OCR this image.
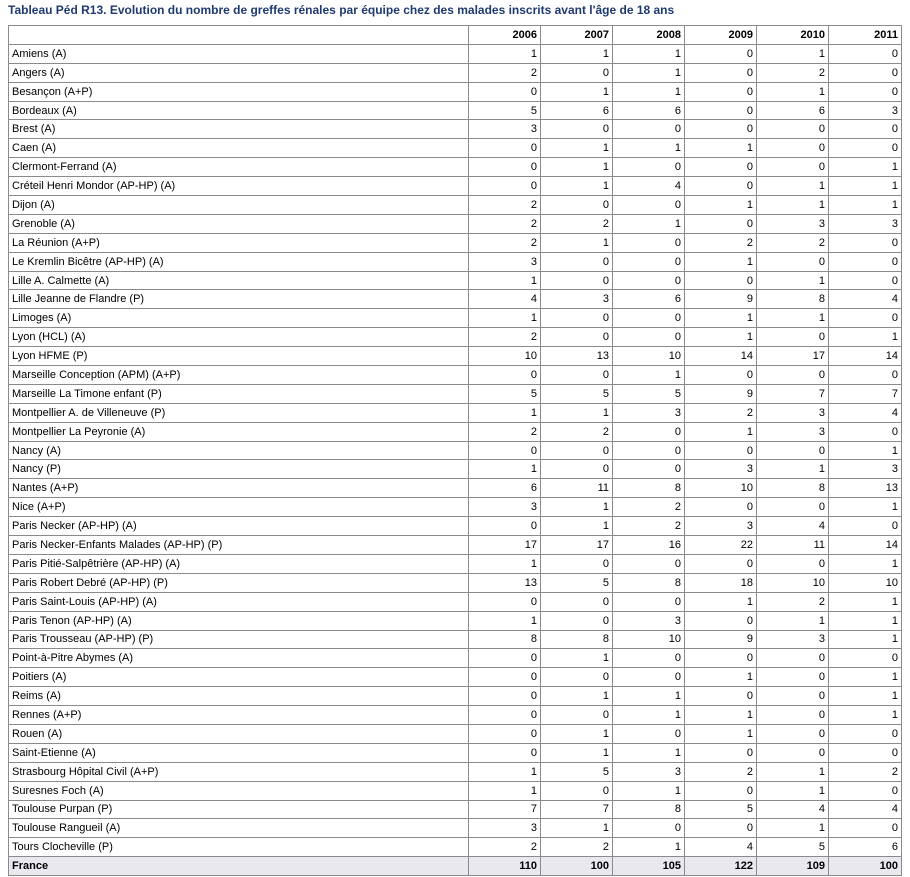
Tableau Péd R13. Evolution du nombre de greffes rénales par équipe chez des malades inscrits avant l'âge de 18 ans
	2006	2007	2008	2009	2010	2011
Amiens (A)	1	1	1	0	1	0
Angers (A)	2	0	1	0	2	0
Besançon (A+P)	0	1	1	0	1	0
Bordeaux (A)	5	6	6	0	6	3
Brest (A)	3	0	0	0	0	0
Caen (A)	0	1	1	1	0	0
Clermont-Ferrand (A)	0	1	0	0	0	1
Créteil Henri Mondor (AP-HP) (A)	0	1	4	0	1	1
Dijon (A)	2	0	0	1	1	1
Grenoble (A)	2	2	1	0	3	3
La Réunion (A+P)	2	1	0	2	2	0
Le Kremlin Bicêtre (AP-HP) (A)	3	0	0	1	0	0
Lille A. Calmette (A)	1	0	0	0	1	0
Lille Jeanne de Flandre (P)	4	3	6	9	8	4
Limoges (A)	1	0	0	1	1	0
Lyon (HCL) (A)	2	0	0	1	0	1
Lyon HFME (P)	10	13	10	14	17	14
Marseille Conception (APM) (A+P)	0	0	1	0	0	0
Marseille La Timone enfant (P)	5	5	5	9	7	7
Montpellier A. de Villeneuve (P)	1	1	3	2	3	4
Montpellier La Peyronie (A)	2	2	0	1	3	0
Nancy (A)	0	0	0	0	0	1
Nancy (P)	1	0	0	3	1	3
Nantes (A+P)	6	11	8	10	8	13
Nice (A+P)	3	1	2	0	0	1
Paris Necker (AP-HP) (A)	0	1	2	3	4	0
Paris Necker-Enfants Malades (AP-HP) (P)	17	17	16	22	11	14
Paris Pitié-Salpêtrière (AP-HP) (A)	1	0	0	0	0	1
Paris Robert Debré (AP-HP) (P)	13	5	8	18	10	10
Paris Saint-Louis (AP-HP) (A)	0	0	0	1	2	1
Paris Tenon (AP-HP) (A)	1	0	3	0	1	1
Paris Trousseau (AP-HP) (P)	8	8	10	9	3	1
Point-à-Pitre Abymes (A)	0	1	0	0	0	0
Poitiers (A)	0	0	0	1	0	1
Reims (A)	0	1	1	0	0	1
Rennes (A+P)	0	0	1	1	0	1
Rouen (A)	0	1	0	1	0	0
Saint-Etienne (A)	0	1	1	0	0	0
Strasbourg Hôpital Civil (A+P)	1	5	3	2	1	2
Suresnes Foch (A)	1	0	1	0	1	0
Toulouse Purpan (P)	7	7	8	5	4	4
Toulouse Rangueil (A)	3	1	0	0	1	0
Tours Clocheville (P)	2	2	1	4	5	6
France	110	100	105	122	109	100
